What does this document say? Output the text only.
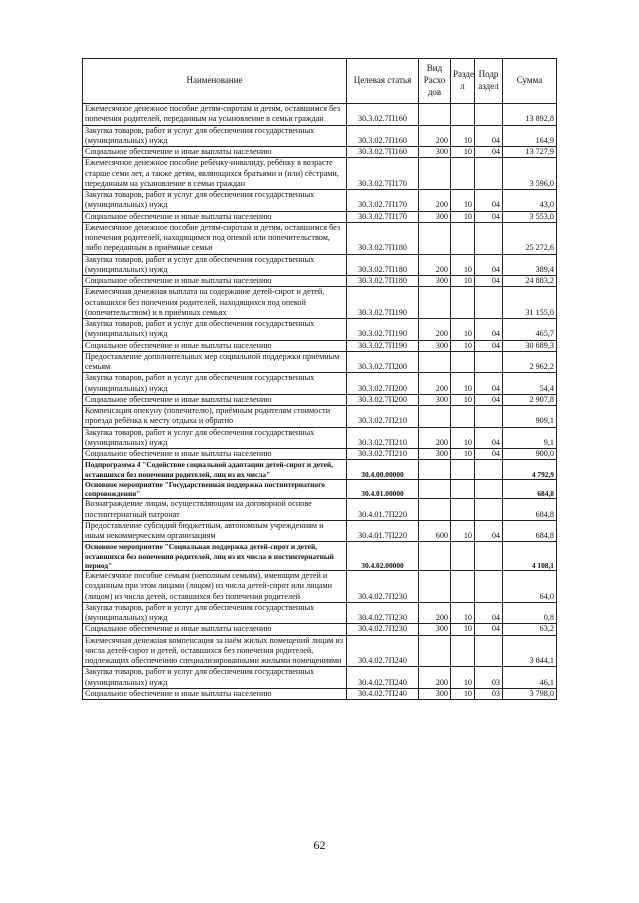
Наименование	Целевая статья	Вид Расхо дов	Разде л	Подр аздел	Сумма
Ежемесячное денежное пособие детям-сиротам и детям, оставшимся без попечения родителей, переданным на усыновление в семьи граждан	30.3.02.7П160				13 892,8
Закупка товаров, работ и услуг для обеспечения государственных (муниципальных) нужд	30.3.02.7П160	200	10	04	164,9
Социальное обеспечение и иные выплаты населению	30.3.02.7П160	300	10	04	13 727,9
Ежемесячное денежное пособие ребёнку-инвалиду, ребёнку в возрасте старше семи лет, а также детям, являющихся братьями и (или) сёстрами, переданным на усыновление в семьи граждан	30.3.02.7П170				3 596,0
Закупка товаров, работ и услуг для обеспечения государственных (муниципальных) нужд	30.3.02.7П170	200	10	04	43,0
Социальное обеспечение и иные выплаты населению	30.3.02.7П170	300	10	04	3 553,0
Ежемесячное денежное пособие детям-сиротам и детям, оставшимся без попечения родителей, находящимся под опекой или попечительством, либо переданным в приёмные семьи	30.3.02.7П180				25 272,6
Закупка товаров, работ и услуг для обеспечения государственных (муниципальных) нужд	30.3.02.7П180	200	10	04	389,4
Социальное обеспечение и иные выплаты населению	30.3.02.7П180	300	10	04	24 883,2
Ежемесячная денежная выплата на содержание детей-сирот и детей, оставшихся без попечения родителей, находящихся под опекой (попечительством) и в приёмных семьях	30.3.02.7П190				31 155,0
Закупка товаров, работ и услуг для обеспечения государственных (муниципальных) нужд	30.3.02.7П190	200	10	04	465,7
Социальное обеспечение и иные выплаты населению	30.3.02.7П190	300	10	04	30 689,3
Предоставление дополнительных мер социальной поддержки приёмным семьям	30.3.02.7П200				2 962,2
Закупка товаров, работ и услуг для обеспечения государственных (муниципальных) нужд	30.3.02.7П200	200	10	04	54,4
Социальное обеспечение и иные выплаты населению	30.3.02.7П200	300	10	04	2 907,8
Компенсация опекуну (попечителю), приёмным родителям стоимости проезда ребёнка к месту отдыха и обратно	30.3.02.7П210				909,1
Закупка товаров, работ и услуг для обеспечения государственных (муниципальных) нужд	30.3.02.7П210	200	10	04	9,1
Социальное обеспечение и иные выплаты населению	30.3.02.7П210	300	10	04	900,0
Подпрограмма 4 "Содействие социальной адаптации детей-сирот и детей, оставшихся без попечения родителей, лиц из их числа"	30.4.00.00000				4 792,9
Основное мероприятие "Государственная поддержка постинтернатного сопровождения"	30.4.01.00000				684,8
Вознаграждение лицам, осуществляющим на договорной основе постинтернатный патронат	30.4.01.7П220				684,8
Предоставление субсидий бюджетным, автономным учреждениям и иным некоммерческим организациям	30.4.01.7П220	600	10	04	684,8
Основное мероприятие "Социальная поддержка детей-сирот и детей, оставшихся без попечения родителей, лиц из их числа в постинтернатный период"	30.4.02.00000				4 108,1
Ежемесячное пособие семьям (неполным семьям), имеющим детей и созданным при этом лицами (лицом) из числа детей-сирот или лицами (лицом) из числа детей, оставшихся без попечения родителей	30.4.02.7П230				64,0
Закупка товаров, работ и услуг для обеспечения государственных (муниципальных) нужд	30.4.02.7П230	200	10	04	0,8
Социальное обеспечение и иные выплаты населению	30.4.02.7П230	300	10	04	63,2
Ежемесячная денежная компенсация за наём жилых помещений лицам из числа детей-сирот и детей, оставшихся без попечения родителей, подлежащих обеспечению специализированными жилыми помещениями	30.4.02.7П240				3 844,1
Закупка товаров, работ и услуг для обеспечения государственных (муниципальных) нужд	30.4.02.7П240	200	10	03	46,1
Социальное обеспечение и иные выплаты населению	30.4.02.7П240	300	10	03	3 798,0
62
